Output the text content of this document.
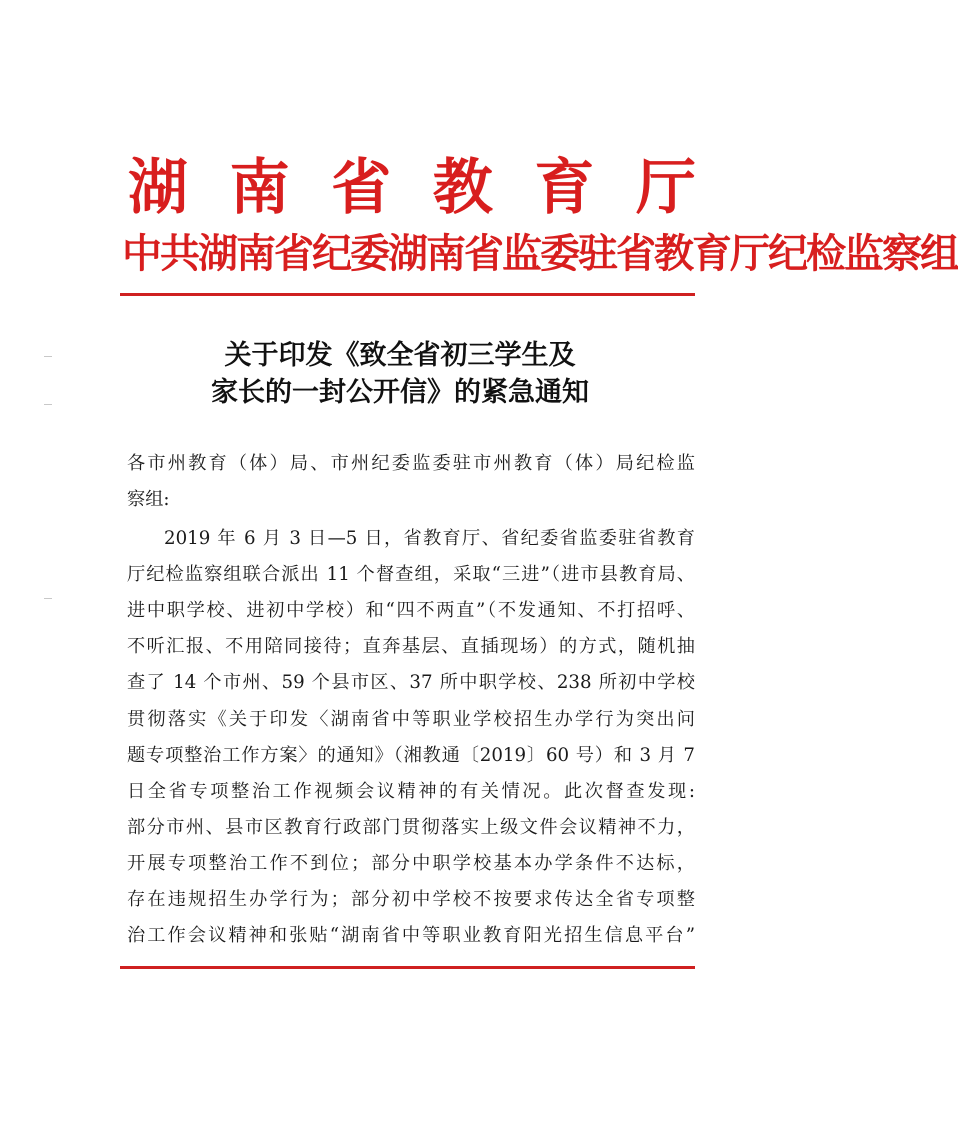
湖 南 省 教 育 厅
中共湖南省纪委湖南省监委驻省教育厅纪检监察组
关于印发《致全省初三学生及
家长的一封公开信》的紧急通知
各市州教育（体）局、市州纪委监委驻市州教育（体）局纪检监
察组:
2019 年 6 月 3 日—5 日，省教育厅、省纪委省监委驻省教育
厅纪检监察组联合派出 11 个督查组，采取“三进”（进市县教育局、
进中职学校、进初中学校）和“四不两直”（不发通知、不打招呼、
不听汇报、不用陪同接待；直奔基层、直插现场）的方式，随机抽
查了 14 个市州、59 个县市区、37 所中职学校、238 所初中学校
贯彻落实《关于印发〈湖南省中等职业学校招生办学行为突出问
题专项整治工作方案〉的通知》（湘教通〔2019〕60 号）和 3 月 7
日全省专项整治工作视频会议精神的有关情况。此次督查发现:
部分市州、县市区教育行政部门贯彻落实上级文件会议精神不力，
开展专项整治工作不到位；部分中职学校基本办学条件不达标，
存在违规招生办学行为；部分初中学校不按要求传达全省专项整
治工作会议精神和张贴“湖南省中等职业教育阳光招生信息平台”
